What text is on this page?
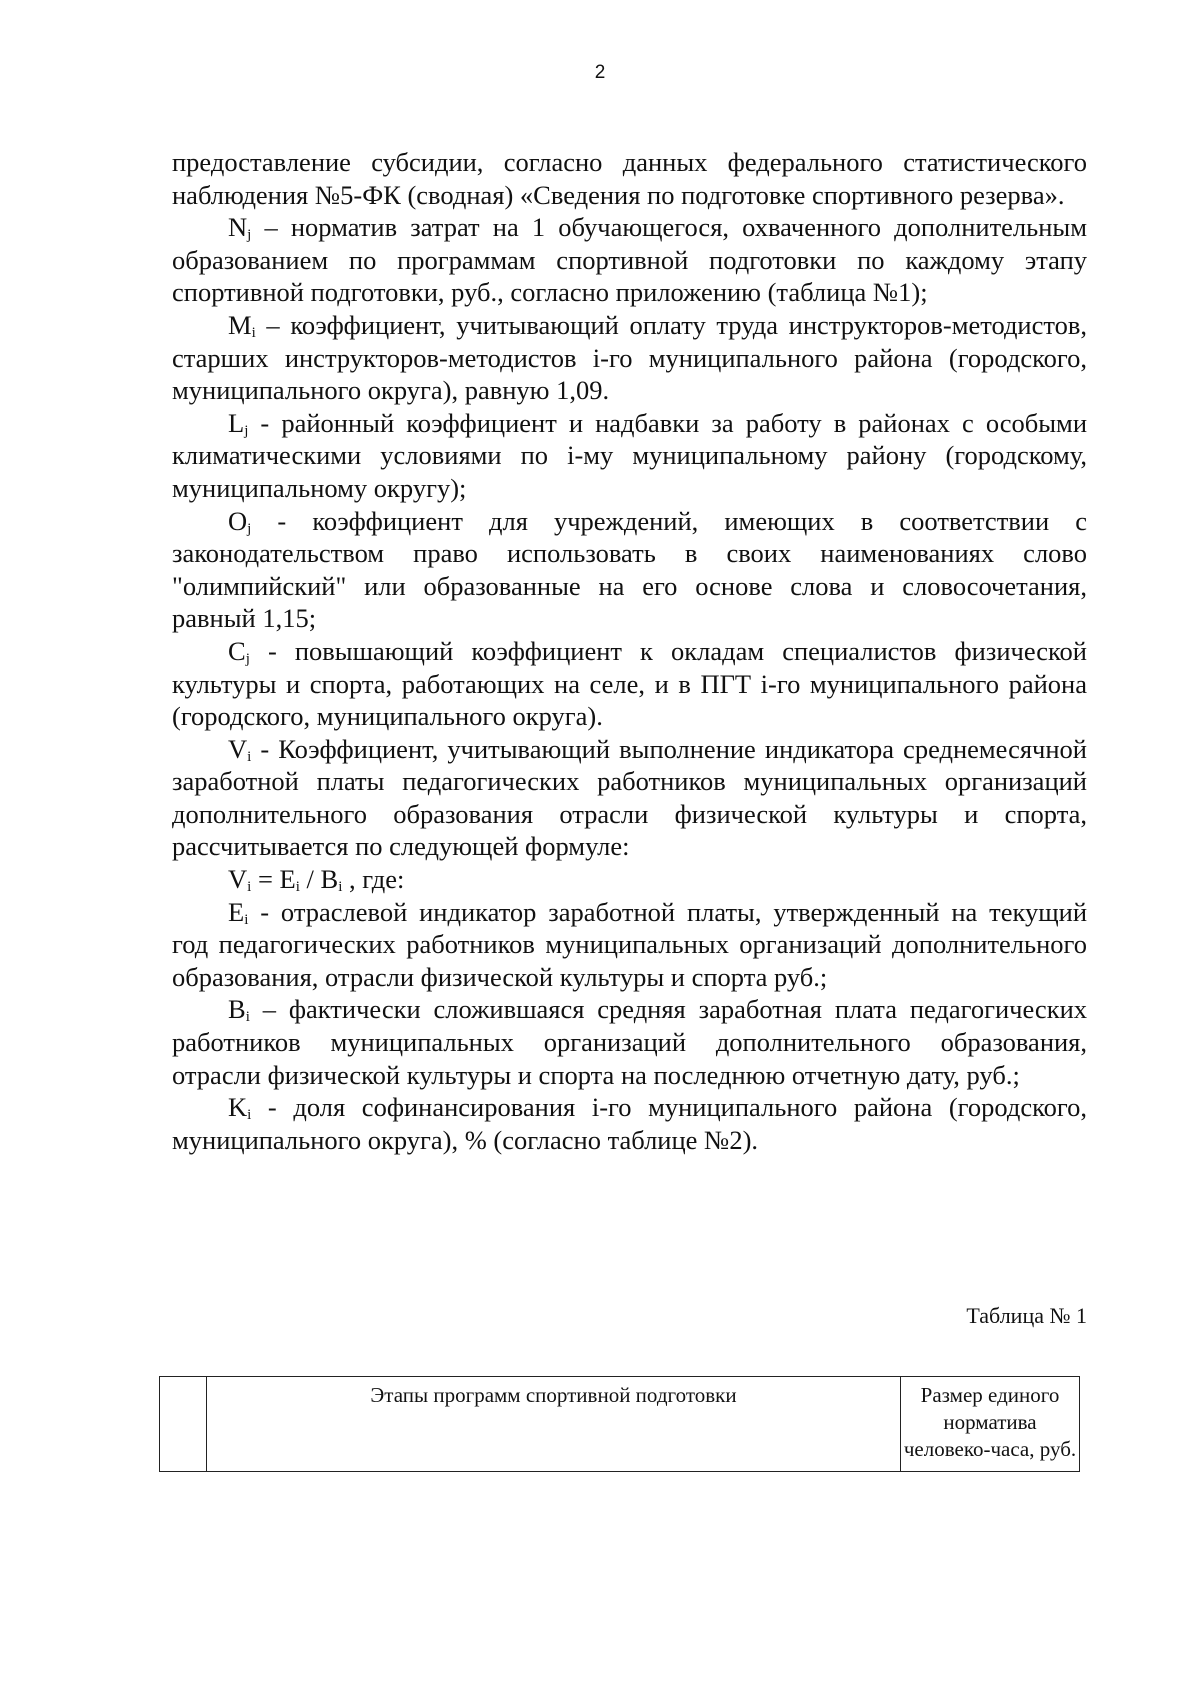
2

предоставление субсидии, согласно данных федерального статистического наблюдения №5-ФК (сводная) «Сведения по подготовке спортивного резерва».

$N_j$ – норматив затрат на 1 обучающегося, охваченного дополнительным образованием по программам спортивной подготовки по каждому этапу спортивной подготовки, руб., согласно приложению (таблица №1);

$M_i$ – коэффициент, учитывающий оплату труда инструкторов-методистов, старших инструкторов-методистов i-го муниципального района (городского, муниципального округа), равную 1,09.

$L_j$ - районный коэффициент и надбавки за работу в районах с особыми климатическими условиями по i-му муниципальному району (городскому, муниципальному округу);

$O_j$ - коэффициент для учреждений, имеющих в соответствии с законодательством право использовать в своих наименованиях слово "олимпийский" или образованные на его основе слова и словосочетания, равный 1,15;

$C_j$ - повышающий коэффициент к окладам специалистов физической культуры и спорта, работающих на селе, и в ПГТ i-го муниципального района (городского, муниципального округа).

$V_i$ - Коэффициент, учитывающий выполнение индикатора среднемесячной заработной платы педагогических работников муниципальных организаций дополнительного образования отрасли физической культуры и спорта, рассчитывается по следующей формуле:

$V_i = E_i / B_i$ , где:

$E_i$ - отраслевой индикатор заработной платы, утвержденный на текущий год педагогических работников муниципальных организаций дополнительного образования, отрасли физической культуры и спорта руб.;

$B_i$ – фактически сложившаяся средняя заработная плата педагогических работников муниципальных организаций дополнительного образования, отрасли физической культуры и спорта на последнюю отчетную дату, руб.;

$K_i$ - доля софинансирования i-го муниципального района (городского, муниципального округа), % (согласно таблице №2).

Таблица № 1
	Этапы программ спортивной подготовки	Размер единого норматива человеко-часа, руб.
